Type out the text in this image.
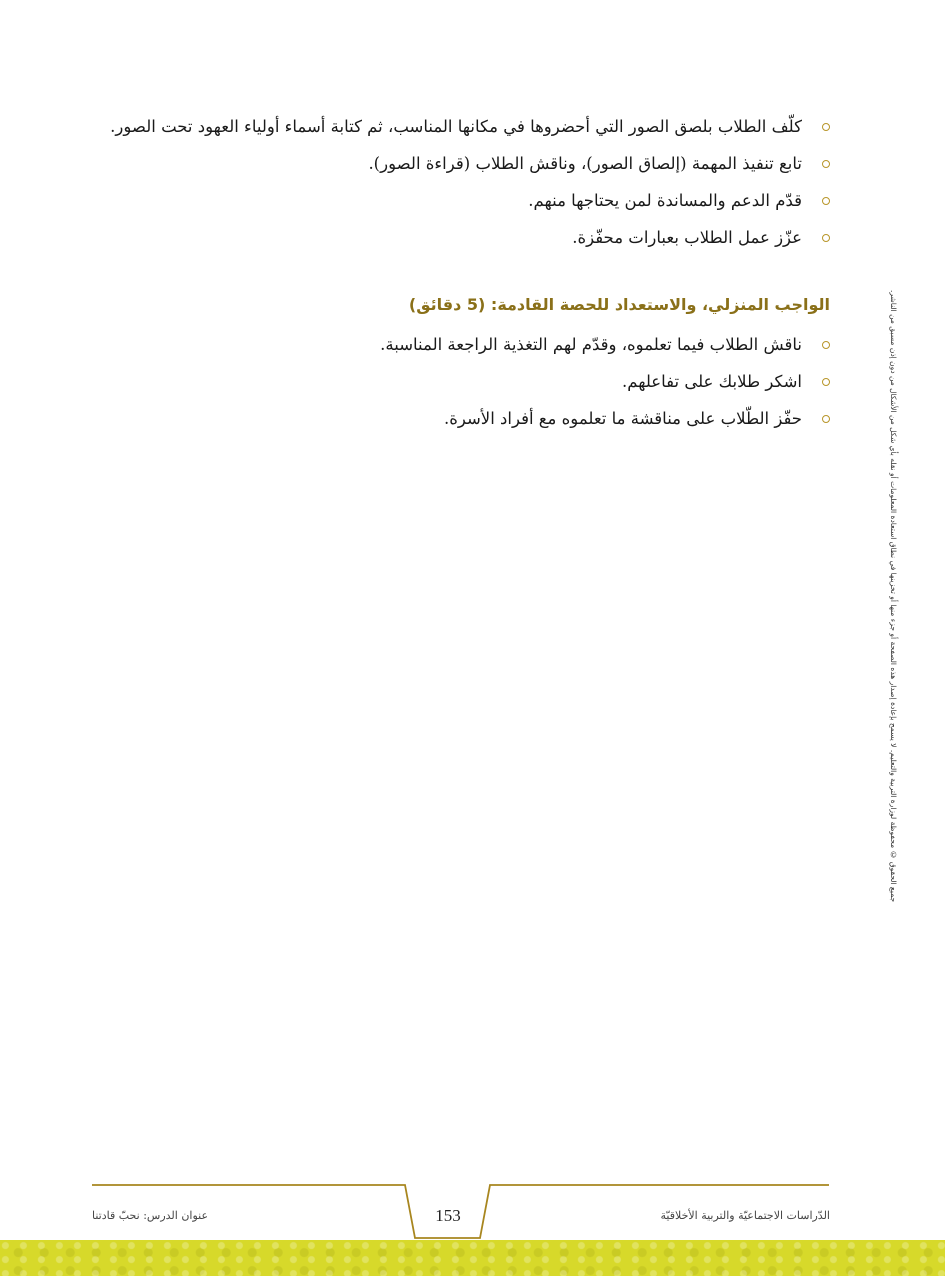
كلّف الطلاب بلصق الصور التي أحضروها في مكانها المناسب، ثم كتابة أسماء أولياء العهود تحت الصور.
تابع تنفيذ المهمة (إلصاق الصور)، وناقش الطلاب (قراءة الصور).
قدّم الدعم والمساندة لمن يحتاجها منهم.
عزّز عمل الطلاب بعبارات محفّزة.
الواجب المنزلي، والاستعداد للحصة القادمة: (5 دقائق)
ناقش الطلاب فيما تعلموه، وقدّم لهم التغذية الراجعة المناسبة.
اشكر طلابك على تفاعلهم.
حفّز الطّلاب على مناقشة ما تعلموه مع أفراد الأسرة.	جميع الحقوق © محفوظة لوزارة التربية والتعليم. لا يسمح بإعادة إصدار هذه الصفحة أو جزء منها أو تخزينها في نطاق استعادة المعلومات أو نقله بأي شكل من الأشكال من دون إذن مسبق من الناشر.
153
عنوان الدرس: نحبّ قادتنا	الدّراسات الاجتماعيّة والتربية الأخلاقيّة
